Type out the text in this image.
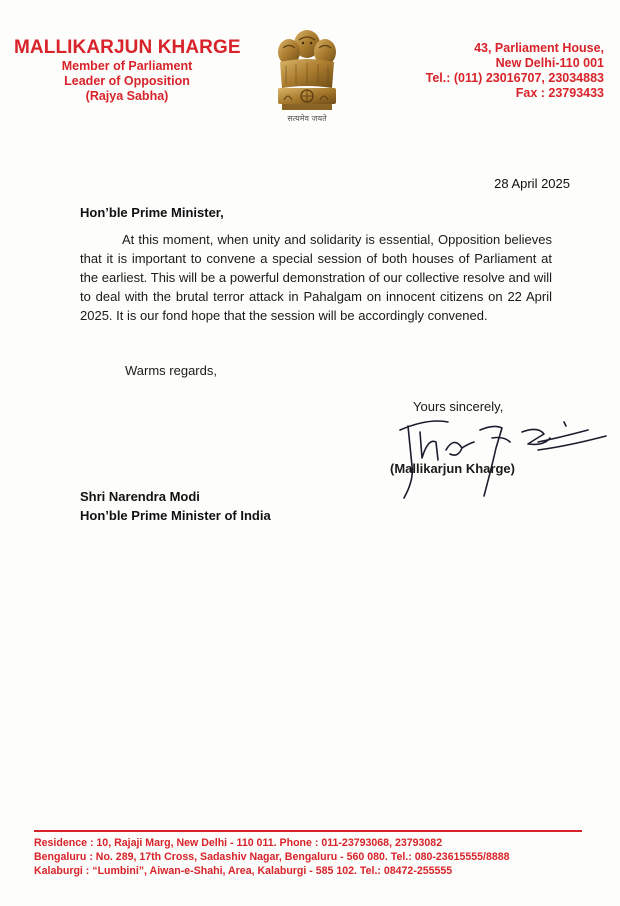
MALLIKARJUN KHARGE
Member of Parliament
Leader of Opposition
(Rajya Sabha)
सत्यमेव जयते
43, Parliament House,
New Delhi-110 001
Tel.: (011) 23016707, 23034883
Fax : 23793433
28 April 2025
Hon’ble Prime Minister,

At this moment, when unity and solidarity is essential, Opposition believes that it is important to convene a special session of both houses of Parliament at the earliest. This will be a powerful demonstration of our collective resolve and will to deal with the brutal terror attack in Pahalgam on innocent citizens on 22 April 2025. It is our fond hope that the session will be accordingly convened.

Warms regards,
Yours sincerely,
(Mallikarjun Kharge)
Shri Narendra Modi
Hon’ble Prime Minister of India
Residence : 10, Rajaji Marg, New Delhi - 110 011. Phone : 011-23793068, 23793082
Bengaluru : No. 289, 17th Cross, Sadashiv Nagar, Bengaluru - 560 080. Tel.: 080-23615555/8888
Kalaburgi : “Lumbini”, Aiwan-e-Shahi, Area, Kalaburgi - 585 102. Tel.: 08472-255555
